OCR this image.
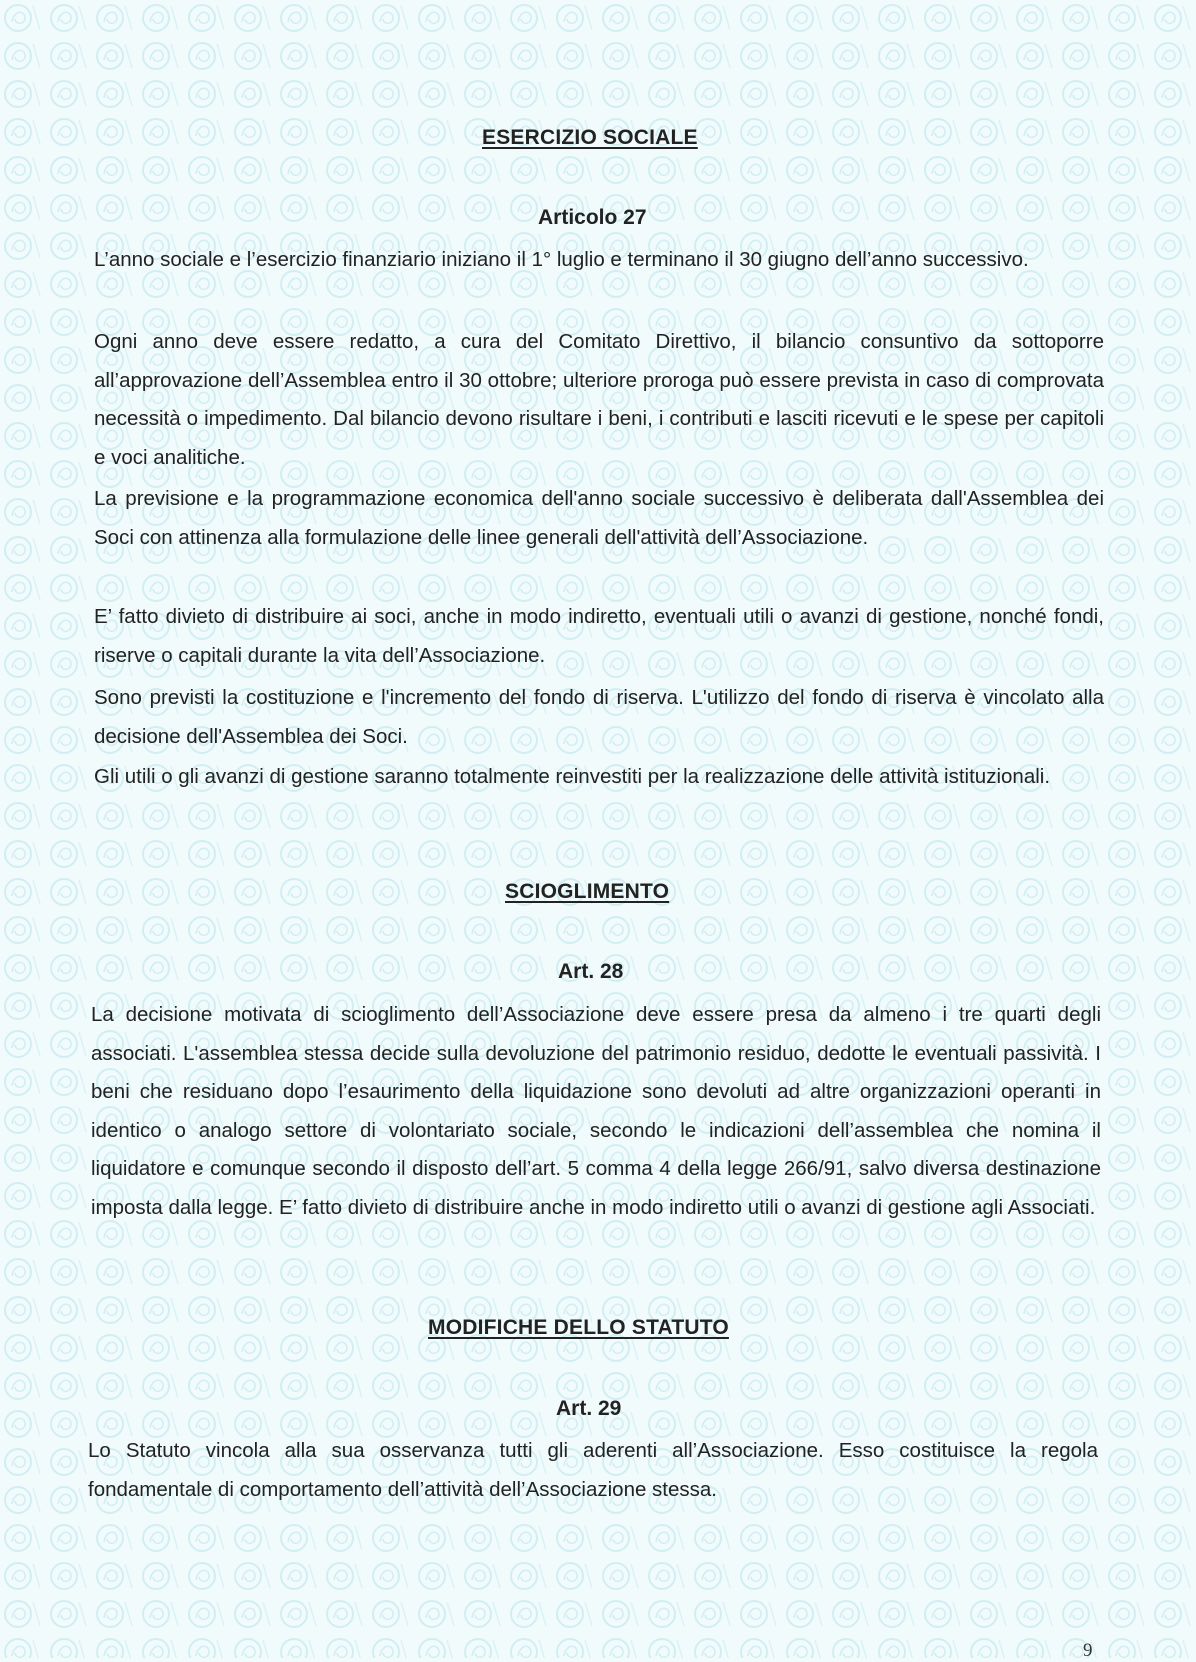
ESERCIZIO SOCIALE
Articolo 27

L’anno sociale e l’esercizio finanziario iniziano il 1° luglio e terminano il 30 giugno dell’anno successivo.

Ogni anno deve essere redatto, a cura del Comitato Direttivo, il bilancio consuntivo da sottoporre all’approvazione dell’Assemblea entro il 30 ottobre; ulteriore proroga può essere prevista in caso di comprovata necessità o impedimento. Dal bilancio devono risultare i beni, i contributi e lasciti ricevuti e le spese per capitoli e voci analitiche.

La previsione e la programmazione economica dell'anno sociale successivo è deliberata dall'Assemblea dei Soci con attinenza alla formulazione delle linee generali dell'attività dell’Associazione.

E’ fatto divieto di distribuire ai soci, anche in modo indiretto, eventuali utili o avanzi di gestione, nonché fondi, riserve o capitali durante la vita dell’Associazione.

Sono previsti la costituzione e l'incremento del fondo di riserva. L'utilizzo del fondo di riserva è vincolato alla decisione dell'Assemblea dei Soci.

Gli utili o gli avanzi di gestione saranno totalmente reinvestiti per la realizzazione delle attività istituzionali.

SCIOGLIMENTO
Art. 28

La decisione motivata di scioglimento dell’Associazione deve essere presa da almeno i tre quarti degli associati. L'assemblea stessa decide sulla devoluzione del patrimonio residuo, dedotte le eventuali passività. I beni che residuano dopo l’esaurimento della liquidazione sono devoluti ad altre organizzazioni operanti in identico o analogo settore di volontariato sociale, secondo le indicazioni dell’assemblea che nomina il liquidatore e comunque secondo il disposto dell’art. 5 comma 4 della legge 266/91, salvo diversa destinazione imposta dalla legge. E’ fatto divieto di distribuire anche in modo indiretto utili o avanzi di gestione agli Associati.

MODIFICHE DELLO STATUTO
Art. 29

Lo Statuto vincola alla sua osservanza tutti gli aderenti all’Associazione. Esso costituisce la regola fondamentale di comportamento dell’attività dell’Associazione stessa.

9
